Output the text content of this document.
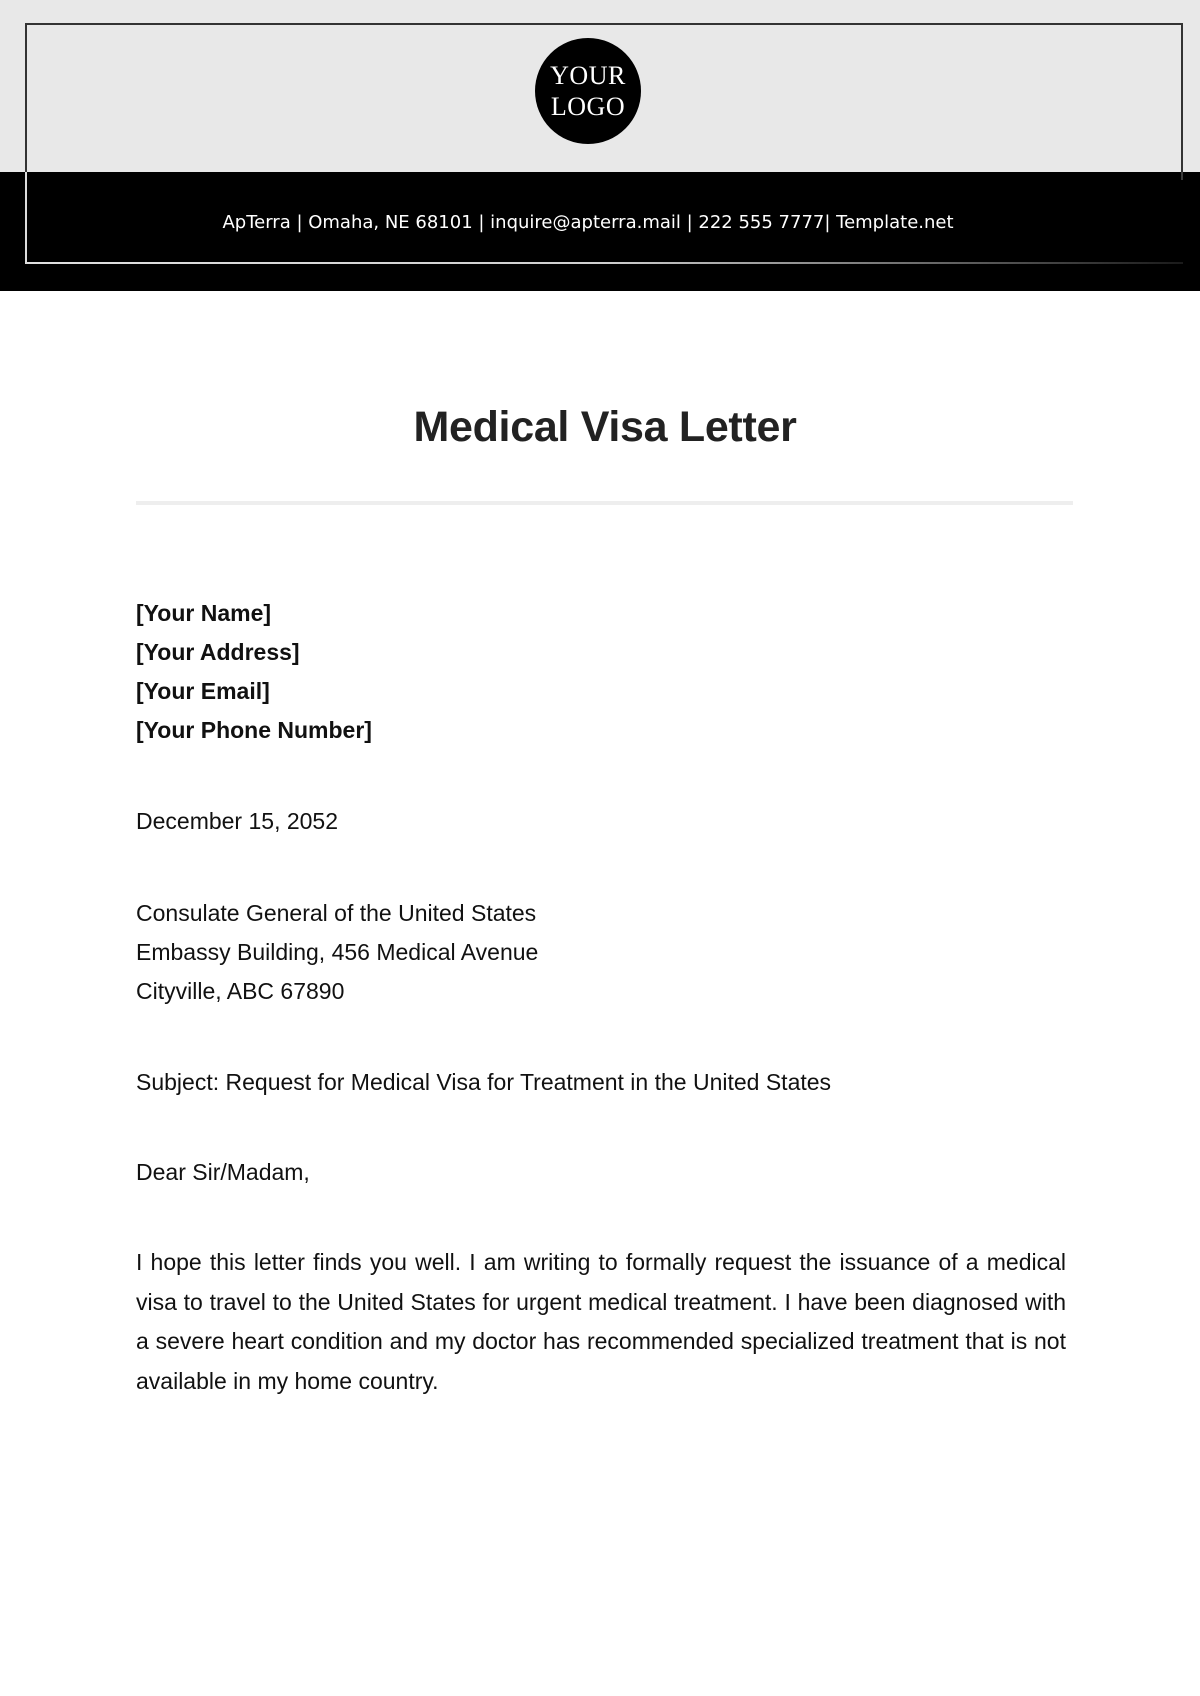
YOUR
LOGO
ApTerra | Omaha, NE 68101 | inquire@apterra.mail | 222 555 7777| Template.net
Medical Visa Letter
[Your Name]
[Your Address]
[Your Email]
[Your Phone Number]
December 15, 2052
Consulate General of the United States
Embassy Building, 456 Medical Avenue
Cityville, ABC 67890
Subject: Request for Medical Visa for Treatment in the United States
Dear Sir/Madam,
I hope this letter finds you well. I am writing to formally request the issuance of a medical visa to travel to the United States for urgent medical treatment. I have been diagnosed with a severe heart condition and my doctor has recommended specialized treatment that is not available in my home country.
